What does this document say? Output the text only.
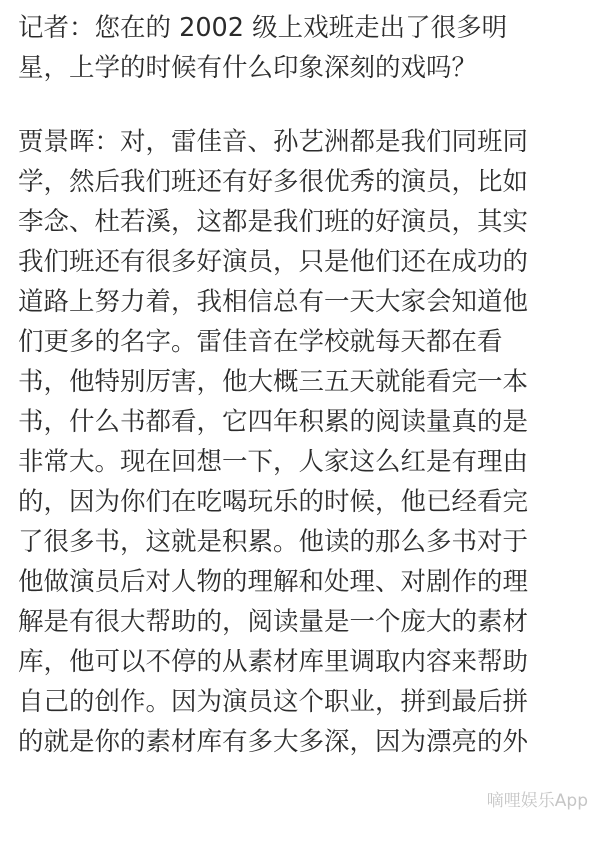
记者：您在的 2002 级上戏班走出了很多明
星，上学的时候有什么印象深刻的戏吗？
贾景晖：对，雷佳音、孙艺洲都是我们同班同
学，然后我们班还有好多很优秀的演员，比如
李念、杜若溪，这都是我们班的好演员，其实
我们班还有很多好演员，只是他们还在成功的
道路上努力着，我相信总有一天大家会知道他
们更多的名字。雷佳音在学校就每天都在看
书，他特别厉害，他大概三五天就能看完一本
书，什么书都看，它四年积累的阅读量真的是
非常大。现在回想一下，人家这么红是有理由
的，因为你们在吃喝玩乐的时候，他已经看完
了很多书，这就是积累。他读的那么多书对于
他做演员后对人物的理解和处理、对剧作的理
解是有很大帮助的，阅读量是一个庞大的素材
库，他可以不停的从素材库里调取内容来帮助
自己的创作。因为演员这个职业，拼到最后拼
的就是你的素材库有多大多深，因为漂亮的外
嘀哩娱乐App
